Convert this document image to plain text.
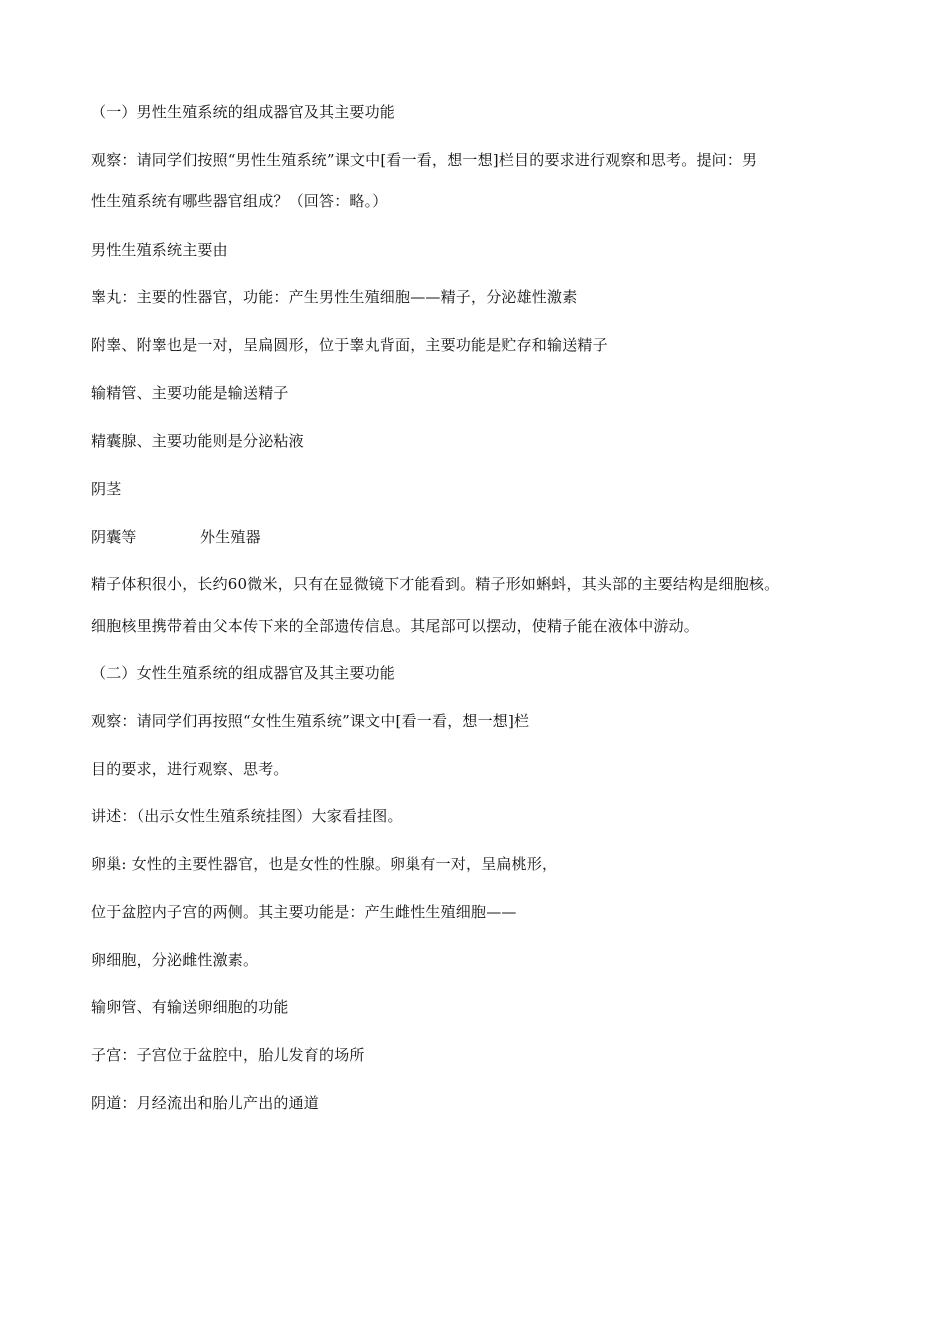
（一）男性生殖系统的组成器官及其主要功能
观察：请同学们按照“男性生殖系统”课文中[看一看，想一想]栏目的要求进行观察和思考。提问：男
性生殖系统有哪些器官组成？（回答：略。）
男性生殖系统主要由
睾丸：主要的性器官，功能：产生男性生殖细胞——精子，分泌雄性激素
附睾、附睾也是一对，呈扁圆形，位于睾丸背面，主要功能是贮存和输送精子
输精管、主要功能是输送精子
精囊腺、主要功能则是分泌粘液
阴茎
阴囊等	外生殖器
精子体积很小，长约60微米，只有在显微镜下才能看到。精子形如蝌蚪，其头部的主要结构是细胞核。
细胞核里携带着由父本传下来的全部遗传信息。其尾部可以摆动，使精子能在液体中游动。
（二）女性生殖系统的组成器官及其主要功能
观察：请同学们再按照“女性生殖系统”课文中[看一看，想一想]栏
目的要求，进行观察、思考。
讲述：（出示女性生殖系统挂图）大家看挂图。
卵巢: 女性的主要性器官，也是女性的性腺。卵巢有一对，呈扁桃形，
位于盆腔内子宫的两侧。其主要功能是：产生雌性生殖细胞——
卵细胞，分泌雌性激素。
输卵管、有输送卵细胞的功能
子宫：子宫位于盆腔中，胎儿发育的场所
阴道：月经流出和胎儿产出的通道
